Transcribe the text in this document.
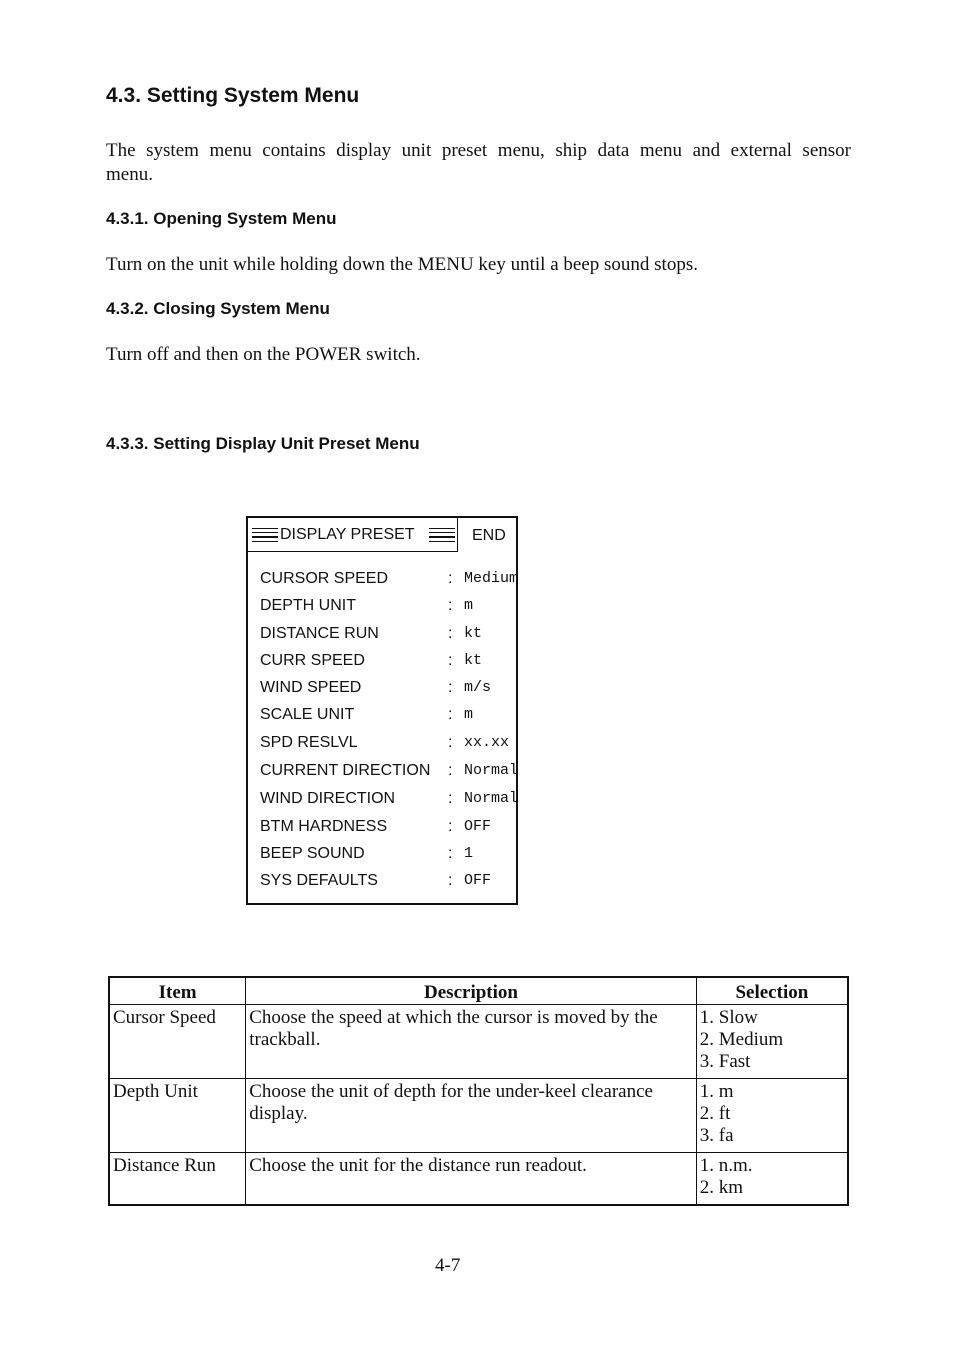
4.3. Setting System Menu
The system menu contains display unit preset menu, ship data menu and external sensor
menu.
4.3.1. Opening System Menu
Turn on the unit while holding down the MENU key until a beep sound stops.
4.3.2. Closing System Menu
Turn off and then on the POWER switch.
4.3.3. Setting Display Unit Preset Menu
DISPLAY PRESET	END
CURSOR SPEED	: Medium
DEPTH UNIT	: m
DISTANCE RUN	: kt
CURR SPEED	: kt
WIND SPEED	: m/s
SCALE UNIT	: m
SPD RESLVL	: xx.xx
CURRENT DIRECTION : Normal
WIND DIRECTION	: Normal
BTM HARDNESS	: OFF
BEEP SOUND	: 1
SYS DEFAULTS	: OFF
Item	Description	Selection
Cursor Speed	Choose the speed at which the cursor is moved by the trackball.	1. Slow
2. Medium
3. Fast

Depth Unit	Choose the unit of depth for the under-keel clearance display.	1. m
2. ft
3. fa

Distance Run	Choose the unit for the distance run readout.	1. n.m.
2. km
4-7
